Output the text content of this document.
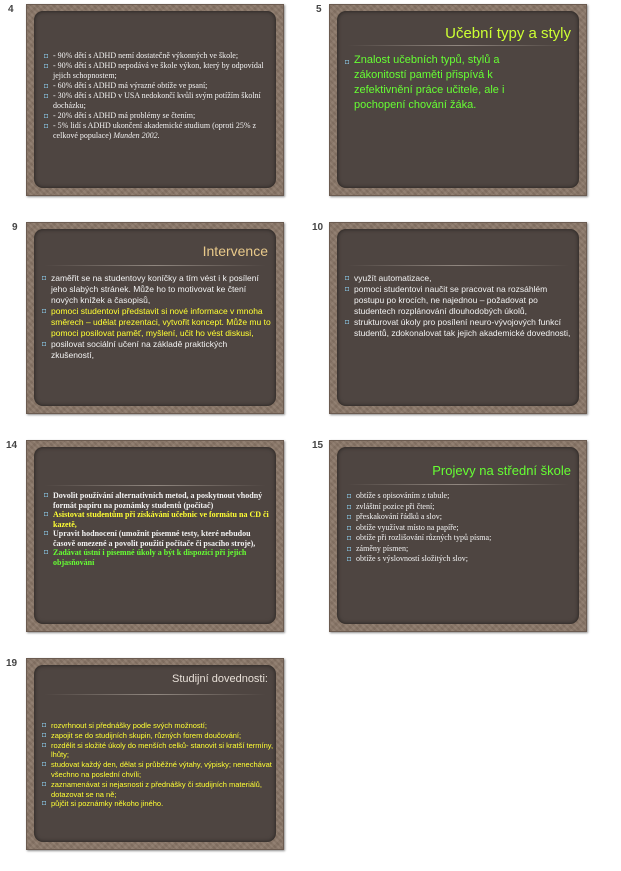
4
◘ - 90% dětí s ADHD nemí dostatečně výkonných ve škole;
◘ - 90% dětí s ADHD nepodává ve škole výkon, který by odpovídal jejich schopnostem;
◘ - 60% dětí s ADHD má výrazné obtíže ve psaní;
◘ - 30% dětí s ADHD v USA nedokončí kvůli svým potížím školní docházku;
◘ - 20% dětí s ADHD má problémy se čtením;
◘ - 5% lidí s ADHD ukončení akademické studium (oproti 25% z celkové populace) Munden 2002.
5
Učební typy a styly
◘ Znalost učebních typů, stylů a zákonitostí paměti přispívá k zefektivnění práce učitele, ale i pochopení chování žáka.
9
Intervence
◘ zaměřit se na studentovy koníčky a tím vést i k posílení jeho slabých stránek. Může ho to motivovat ke čtení nových knížek a časopisů,
◘ pomoci studentovi představit si nové informace v mnoha směrech – udělat prezentaci, vytvořit koncept. Může mu to pomoci posilovat paměť, myšlení, učit ho vést diskusi,
◘ posilovat sociální učení na základě praktických zkušeností,
10
◘ využít automatizace,
◘ pomoci studentovi naučit se pracovat na rozsáhlém postupu po krocích, ne najednou – požadovat po studentech rozplánování dlouhodobých úkolů,
◘ strukturovat úkoly pro posílení neuro-vývojových funkcí studentů, zdokonalovat tak jejich akademické dovednosti,
14
◘ Dovolit používání alternativních metod, a poskytnout vhodný formát papíru na poznámky studentů (počítač)
◘ Asistovat studentům při získávání učebnic ve formátu na CD či kazetě,
◘ Upravit hodnocení (umožnit písemné testy, které nebudou časově omezené a povolit použití počítače či psacího stroje),
◘ Zadávat ústní i písemné úkoly a být k dispozici při jejich objasňování
15
Projevy na střední škole
◘ obtíže s opisováním z tabule;
◘ zvláštní pozice při čtení;
◘ přeskakování řádků a slov;
◘ obtíže využívat místo na papíře;
◘ obtíže při rozlišování různých typů písma;
◘ záměny písmen;
◘ obtíže s výslovností složitých slov;
19
Studijní dovednosti:
◘ rozvrhnout si přednášky podle svých možností;
◘ zapojit se do studijních skupin, různých forem doučování;
◘ rozdělit si složité úkoly do menších celků- stanovit si kratší termíny, lhůty;
◘ studovat každý den, dělat si průběžné výtahy, výpisky; nenechávat všechno na poslední chvíli;
◘ zaznamenávat si nejasnosti z přednášky či studijních materiálů, dotazovat se na ně;
◘ půjčit si poznámky někoho jiného.
